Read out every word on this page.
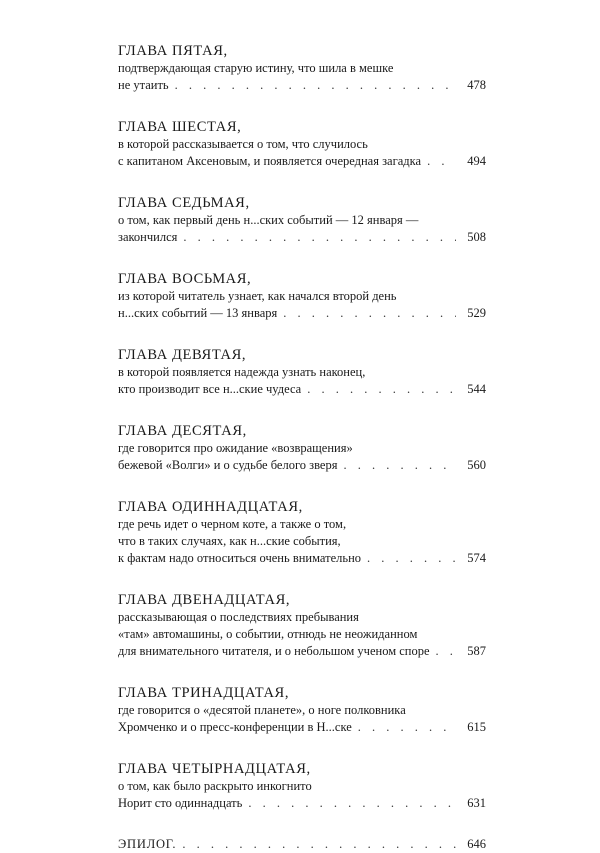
ГЛАВА ПЯТАЯ,
подтверждающая старую истину, что шила в мешке
не утаить . . .	478
ГЛАВА ШЕСТАЯ,
в которой рассказывается о том, что случилось
с капитаном Аксеновым, и появляется очередная загадка . . .	494
ГЛАВА СЕДЬМАЯ,
о том, как первый день н...ских событий — 12 января —
закончился . . .	508
ГЛАВА ВОСЬМАЯ,
из которой читатель узнает, как начался второй день
н...ских событий — 13 января . . .	529
ГЛАВА ДЕВЯТАЯ,
в которой появляется надежда узнать наконец,
кто производит все н...ские чудеса . . .	544
ГЛАВА ДЕСЯТАЯ,
где говорится про ожидание «возвращения»
бежевой «Волги» и о судьбе белого зверя . . .	560
ГЛАВА ОДИННАДЦАТАЯ,
где речь идет о черном коте, а также о том,
что в таких случаях, как н...ские события,
к фактам надо относиться очень внимательно . . .	574
ГЛАВА ДВЕНАДЦАТАЯ,
рассказывающая о последствиях пребывания
«там» автомашины, о событии, отнюдь не неожиданном
для внимательного читателя, и о небольшом ученом споре . . .	587
ГЛАВА ТРИНАДЦАТАЯ,
где говорится о «десятой планете», о ноге полковника
Хромченко и о пресс-конференции в Н...ске . . .	615
ГЛАВА ЧЕТЫРНАДЦАТАЯ,
о том, как было раскрыто инкогнито
Норит сто одиннадцать . . .	631
ЭПИЛОГ. . . .	646
